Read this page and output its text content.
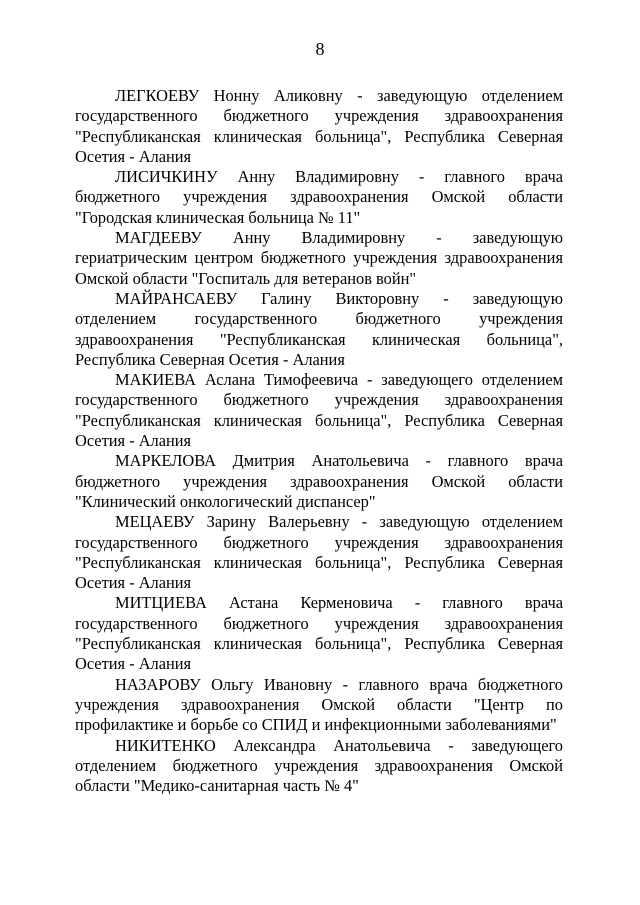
8

ЛЕГКОЕВУ Нонну Аликовну - заведующую отделением государственного бюджетного учреждения здравоохранения "Республиканская клиническая больница", Республика Северная Осетия - Алания

ЛИСИЧКИНУ Анну Владимировну - главного врача бюджетного учреждения здравоохранения Омской области "Городская клиническая больница № 11"

МАГДЕЕВУ Анну Владимировну - заведующую гериатрическим центром бюджетного учреждения здравоохранения Омской области "Госпиталь для ветеранов войн"

МАЙРАНСАЕВУ Галину Викторовну - заведующую отделением государственного бюджетного учреждения здравоохранения "Республиканская клиническая больница", Республика Северная Осетия - Алания

МАКИЕВА Аслана Тимофеевича - заведующего отделением государственного бюджетного учреждения здравоохранения "Республиканская клиническая больница", Республика Северная Осетия - Алания

МАРКЕЛОВА Дмитрия Анатольевича - главного врача бюджетного учреждения здравоохранения Омской области "Клинический онкологический диспансер"

МЕЦАЕВУ Зарину Валерьевну - заведующую отделением государственного бюджетного учреждения здравоохранения "Республиканская клиническая больница", Республика Северная Осетия - Алания

МИТЦИЕВА Астана Керменовича - главного врача государственного бюджетного учреждения здравоохранения "Республиканская клиническая больница", Республика Северная Осетия - Алания

НАЗАРОВУ Ольгу Ивановну - главного врача бюджетного учреждения здравоохранения Омской области "Центр по профилактике и борьбе со СПИД и инфекционными заболеваниями"

НИКИТЕНКО Александра Анатольевича - заведующего отделением бюджетного учреждения здравоохранения Омской области "Медико-санитарная часть № 4"
